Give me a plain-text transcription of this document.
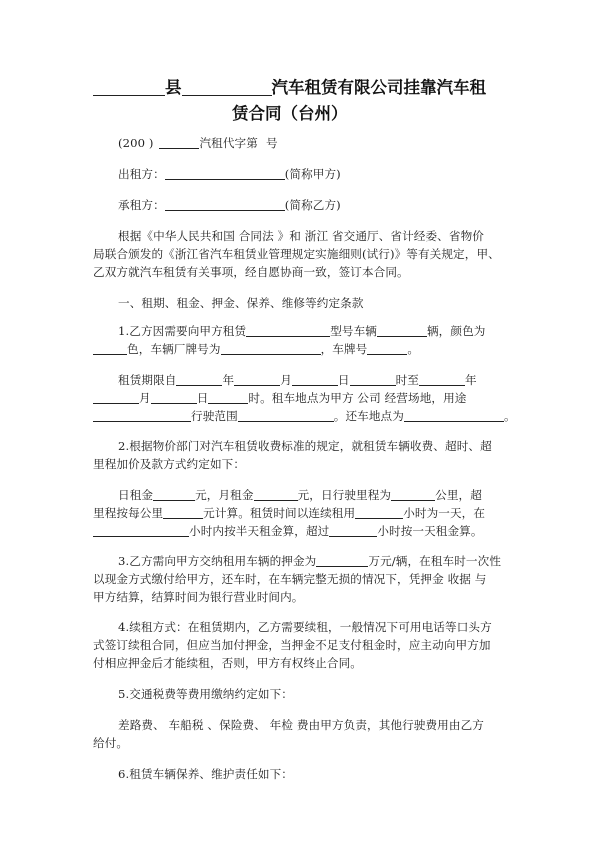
县	汽车租赁有限公司挂靠汽车租
赁合同（台州）
(200 )	汽租代字第 号
出租方：	(简称甲方)
承租方：	(简称乙方)
根据《中华人民共和国 合同法 》和 浙江 省交通厅、省计经委、省物价
局联合颁发的《浙江省汽车租赁业管理规定实施细则(试行)》等有关规定，甲、
乙双方就汽车租赁有关事项，经自愿协商一致，签订本合同。
一、租期、租金、押金、保养、维修等约定条款
1.乙方因需要向甲方租赁	型号车辆	辆，颜色为
色，车辆厂牌号为	，车牌号	。
租赁期限自	年	月	日	时至	年
月	日	时。租车地点为甲方 公司 经营场地，用途
行驶范围	。还车地点为	。
2.根据物价部门对汽车租赁收费标准的规定，就租赁车辆收费、超时、超
里程加价及款方式约定如下：
日租金	元，月租金	元，日行驶里程为	公里，超
里程按每公里	元计算。租赁时间以连续租用	小时为一天，在
小时内按半天租金算，超过	小时按一天租金算。
3.乙方需向甲方交纳租用车辆的押金为	万元/辆，在租车时一次性
以现金方式缴付给甲方，还车时，在车辆完整无损的情况下，凭押金 收据 与
甲方结算，结算时间为银行营业时间内。
4.续租方式：在租赁期内，乙方需要续租，一般情况下可用电话等口头方
式签订续租合同，但应当加付押金，当押金不足支付租金时，应主动向甲方加
付相应押金后才能续租，否则，甲方有权终止合同。
5.交通税费等费用缴纳约定如下：
差路费、 车船税 、保险费、 年检 费由甲方负责，其他行驶费用由乙方
给付。
6.租赁车辆保养、维护责任如下：
